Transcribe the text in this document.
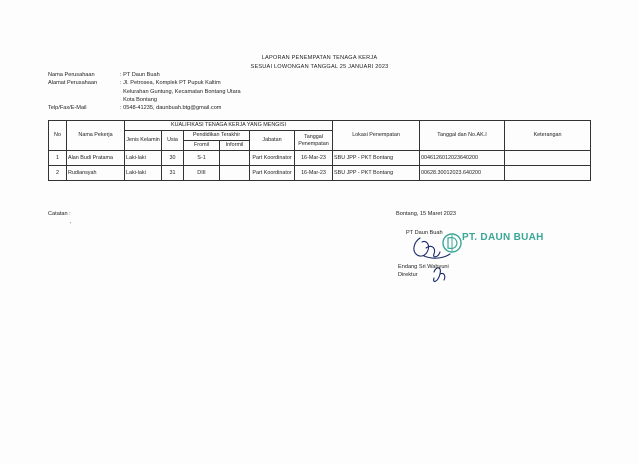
LAPORAN PENEMPATAN TENAGA KERJA
SESUAI LOWONGAN TANGGAL 25 JANUARI 2023
Nama Perusahaan	: PT Daun Buah
Alamat Perusahaan	: Jl. Petrosea, Komplek PT Pupuk Kaltim
Kelurahan Guntung, Kecamatan Bontang Utara
Kota Bontang
Telp/Fax/E-Mail	: 0548-41235, daunbuah.btg@gmail.com
No	Nama Pekerja	KUALIFIKASI TENAGA KERJA YANG MENGISI						Lokasi Penempatan	Tanggal dan No.AK.I	Keterangan
		Jenis Kelamin	Usia	Pendidikan Terakhir		Jabatan	Tanggal Penempatan			
				Fromil	Informil					
1	Alan Budi Pratama	Laki-laki	30	S-1		Part Koordinator	16-Mar-23	SBU JPP - PKT Bontang	0046126012023640200	
2	Rudiansyah	Laki-laki	31	DIII		Part Koordinator	16-Mar-23	SBU JPP - PKT Bontang	00628.30012023.640200	
Catatan :
'
Bontang, 15 Maret 2023
PT Daun Buah PT. DAUN BUAH
Endang Sri Wahyuni
Direktur
